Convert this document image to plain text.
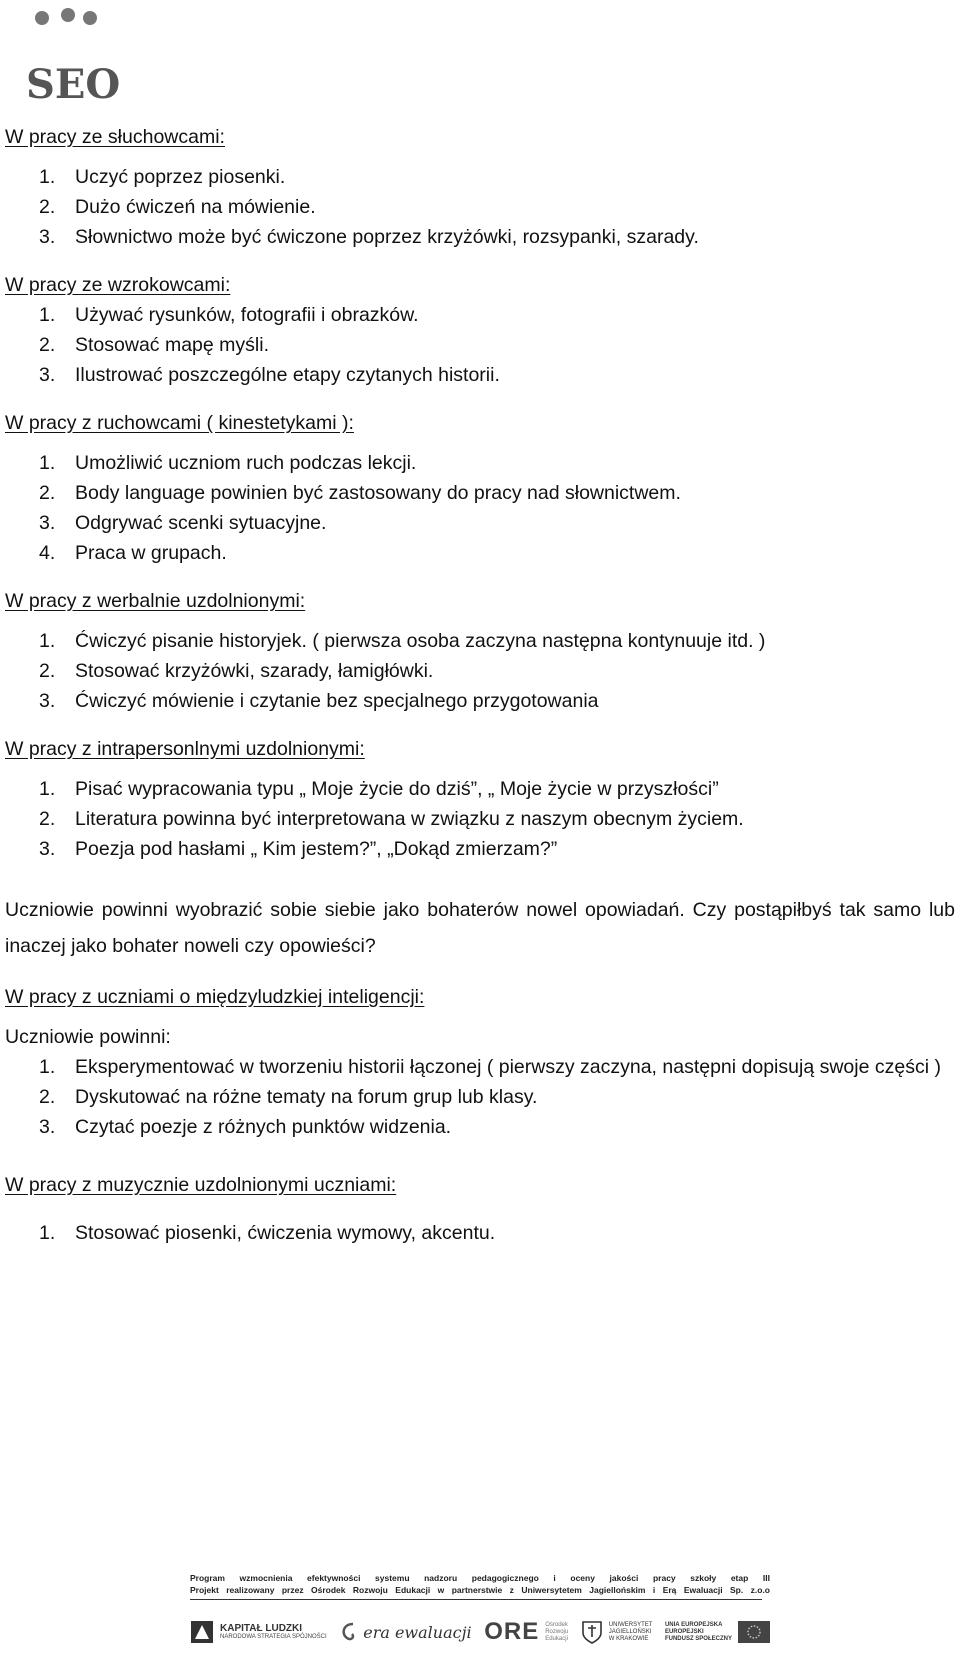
SEO

W pracy ze słuchowcami:

1.	Uczyć poprzez piosenki.
2.	Dużo ćwiczeń na mówienie.
3.	Słownictwo może być ćwiczone poprzez krzyżówki, rozsypanki, szarady.

W pracy ze wzrokowcami:

1.	Używać rysunków, fotografii i obrazków.
2.	Stosować mapę myśli.
3.	Ilustrować poszczególne etapy czytanych historii.

W pracy z ruchowcami ( kinestetykami ):

1.	Umożliwić uczniom ruch podczas lekcji.
2.	Body language powinien być zastosowany do pracy nad słownictwem.
3.	Odgrywać scenki sytuacyjne.
4.	Praca w grupach.

W pracy z werbalnie uzdolnionymi:

1.	Ćwiczyć pisanie historyjek. ( pierwsza osoba zaczyna następna kontynuuje itd. )
2.	Stosować krzyżówki, szarady, łamigłówki.
3.	Ćwiczyć mówienie i czytanie bez specjalnego przygotowania

W pracy z intrapersonlnymi uzdolnionymi:

1.	Pisać wypracowania typu „ Moje życie do dziś”, „ Moje życie w przyszłości”
2.	Literatura powinna być interpretowana w związku z naszym obecnym życiem.
3.	Poezja pod hasłami „ Kim jestem?”, „Dokąd zmierzam?”

Uczniowie powinni wyobrazić sobie siebie jako bohaterów nowel opowiadań. Czy postąpiłbyś tak samo lub inaczej jako bohater noweli czy opowieści?

W pracy z uczniami o międzyludzkiej inteligencji:

Uczniowie powinni:

1.	Eksperymentować w tworzeniu historii łączonej ( pierwszy zaczyna, następni dopisują swoje części )
2.	Dyskutować na różne tematy na forum grup lub klasy.
3.	Czytać poezje z różnych punktów widzenia.

W pracy z muzycznie uzdolnionymi uczniami:

1.	Stosować piosenki, ćwiczenia wymowy, akcentu.
Program wzmocnienia efektywności systemu nadzoru pedagogicznego i oceny jakości pracy szkoły etap III
Projekt realizowany przez Ośrodek Rozwoju Edukacji w partnerstwie z Uniwersytetem Jagiellońskim i Erą Ewaluacji Sp. z.o.o
KAPITAŁ LUDZKI
NARODOWA STRATEGIA SPÓJNOŚCI era ewaluacji ORE Ośrodek
Rozwoju
Edukacji
UNIWERSYTET
JAGIELLOŃSKI
W KRAKOWIE
UNIA EUROPEJSKA
EUROPEJSKI
FUNDUSZ SPOŁECZNY
